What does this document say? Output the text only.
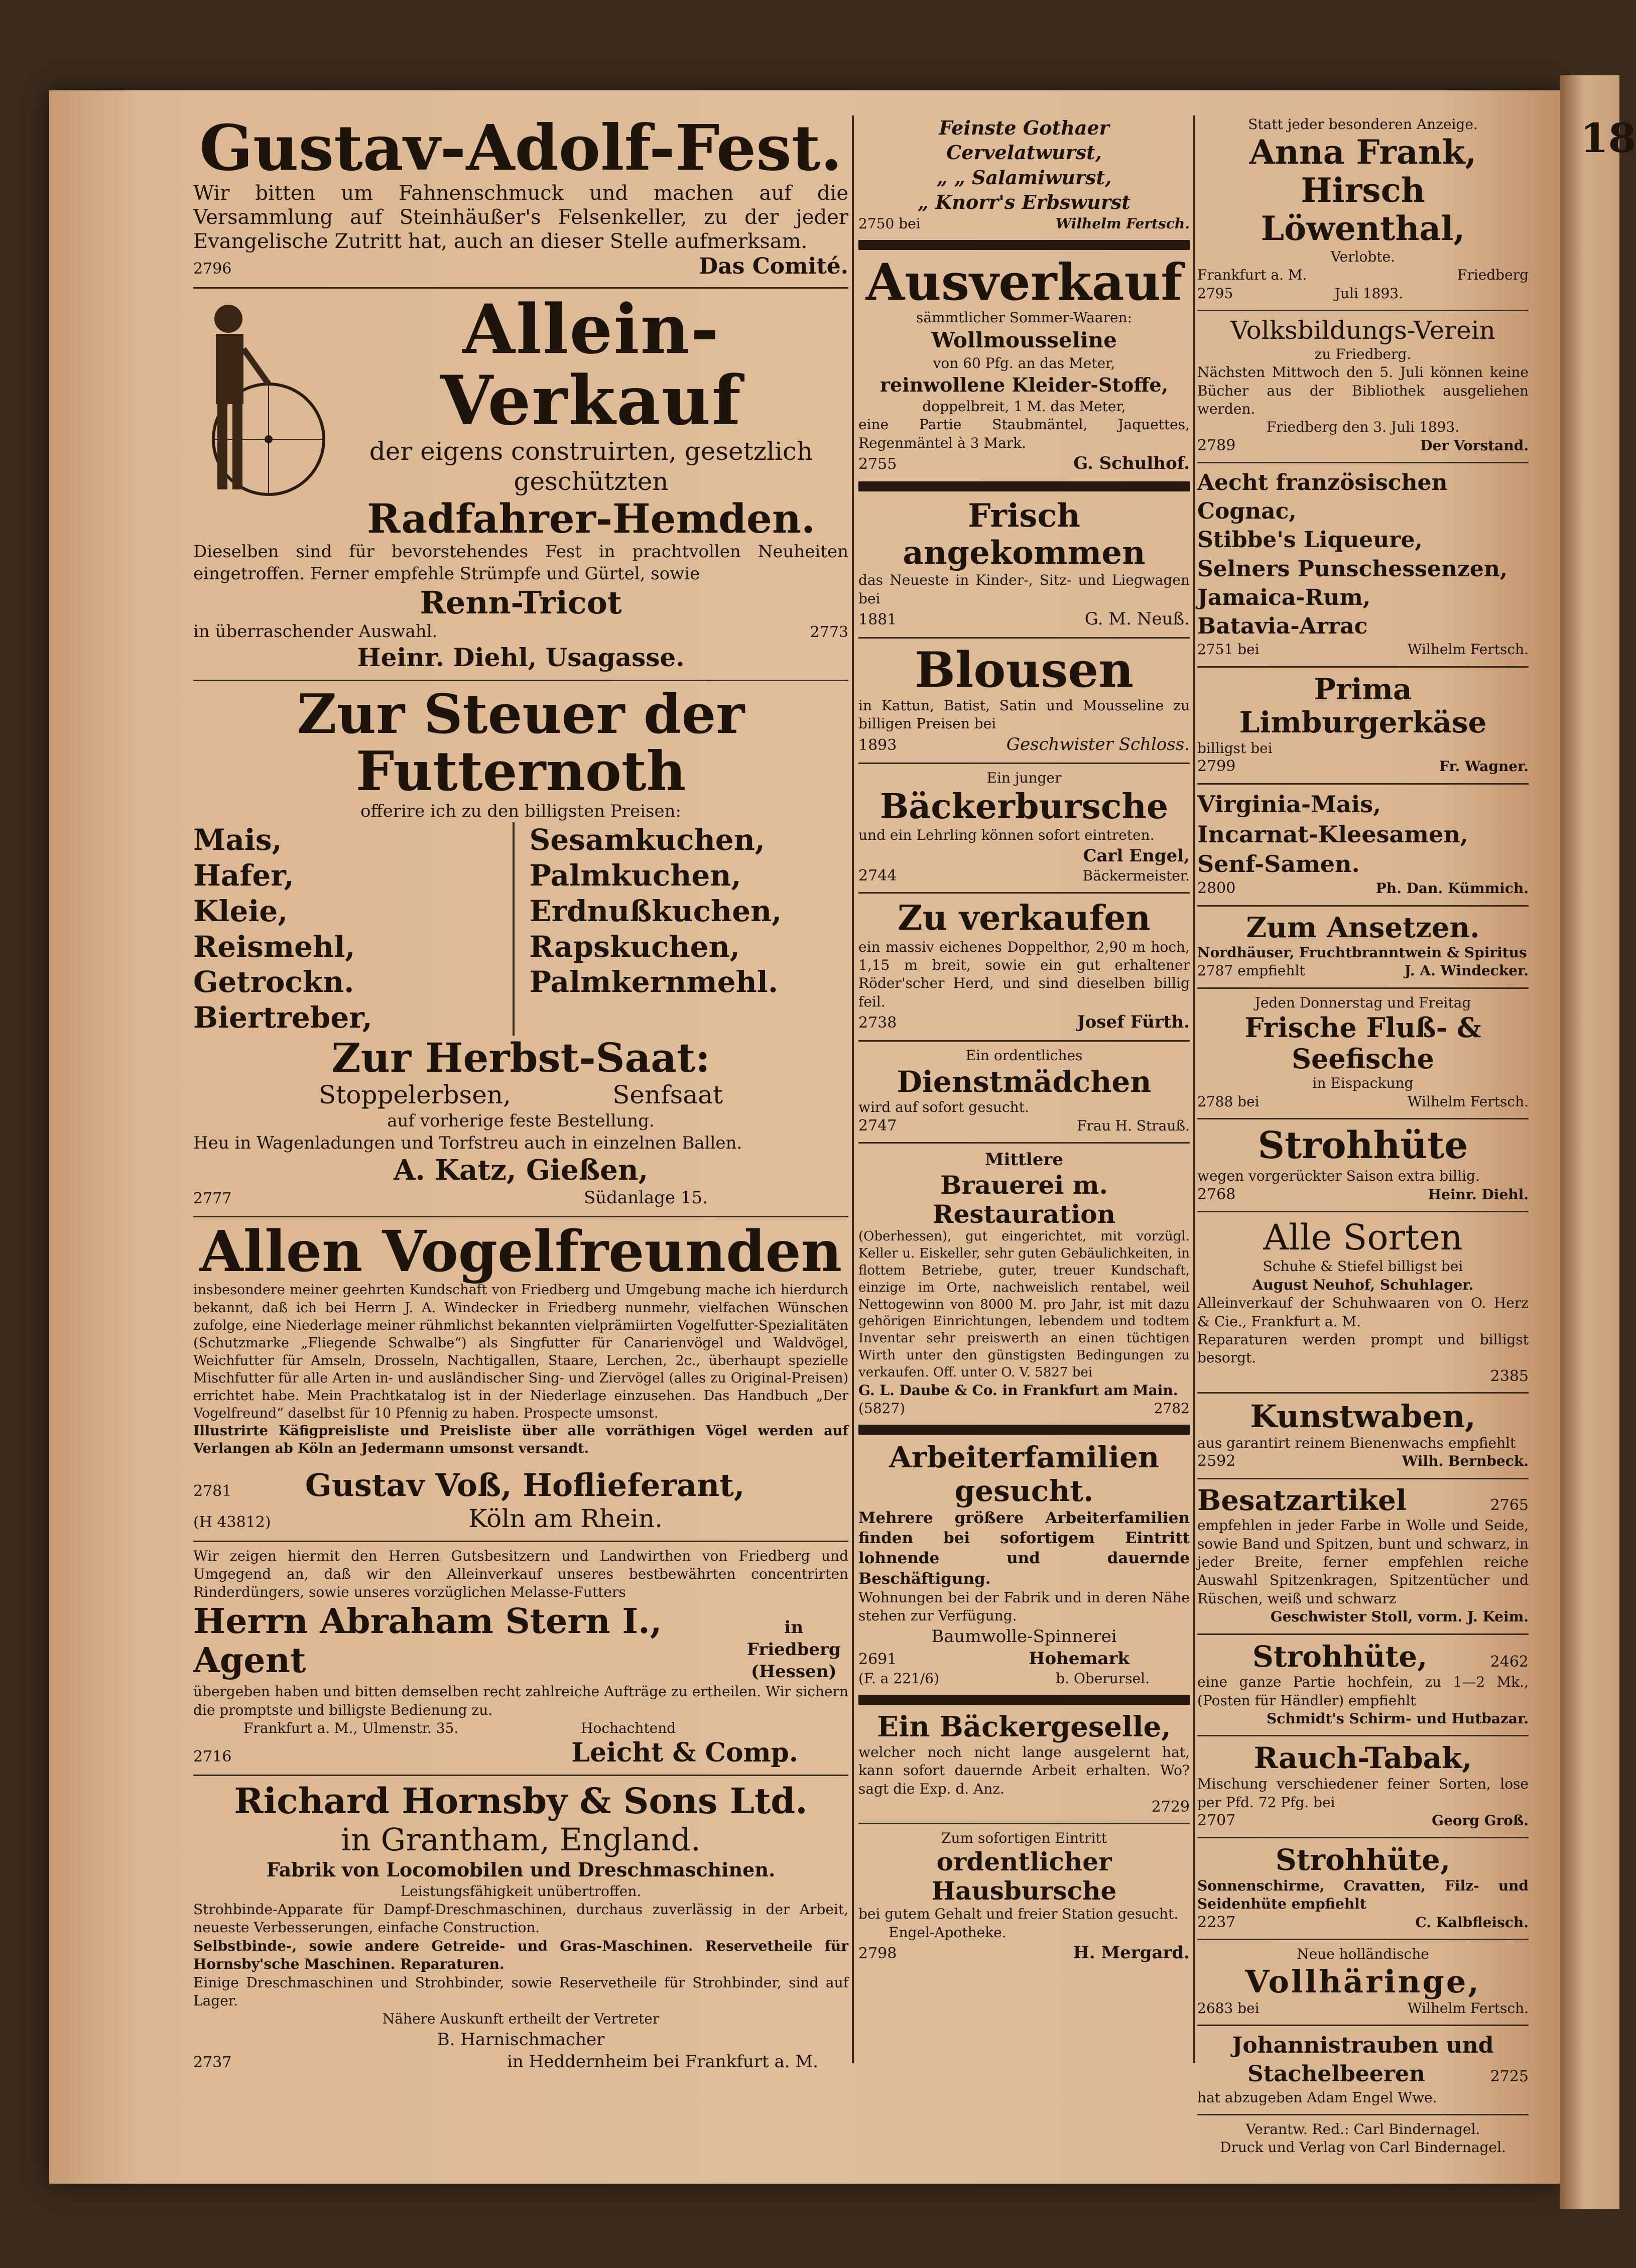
18
Gustav-Adolf-Fest.
Wir bitten um Fahnenschmuck und machen auf die Versammlung auf Steinhäußer's Felsenkeller, zu der jeder Evangelische Zutritt hat, auch an dieser Stelle aufmerksam.
2796	Das Comité.
Allein-Verkauf
der eigens construirten, gesetzlich
geschützten
Radfahrer-Hemden.
Dieselben sind für bevorstehendes Fest in prachtvollen Neuheiten eingetroffen. Ferner empfehle Strümpfe und Gürtel, sowie
Renn-Tricot
in überraschender Auswahl.	2773
Heinr. Diehl, Usagasse.
Zur Steuer der Futternoth
offerire ich zu den billigsten Preisen:
Mais,
Hafer,
Kleie,
Reismehl,
Getrockn. Biertreber,
Sesamkuchen,
Palmkuchen,
Erdnußkuchen,
Rapskuchen,
Palmkernmehl.
Zur Herbst-Saat:
Stoppelerbsen,	Senfsaat
auf vorherige feste Bestellung.
Heu in Wagenladungen und Torfstreu auch in einzelnen Ballen.
A. Katz, Gießen,
2777	Südanlage 15.
Allen Vogelfreunden
insbesondere meiner geehrten Kundschaft von Friedberg und Umgebung mache ich hierdurch bekannt, daß ich bei Herrn J. A. Windecker in Friedberg nunmehr, vielfachen Wünschen zufolge, eine Niederlage meiner rühmlichst bekannten vielprämiirten Vogelfutter-Spezialitäten (Schutzmarke „Fliegende Schwalbe“) als Singfutter für Canarienvögel und Waldvögel, Weichfutter für Amseln, Drosseln, Nachtigallen, Staare, Lerchen, 2c., überhaupt spezielle Mischfutter für alle Arten in- und ausländischer Sing- und Ziervögel (alles zu Original-Preisen) errichtet habe. Mein Prachtkatalog ist in der Niederlage einzusehen. Das Handbuch „Der Vogelfreund“ daselbst für 10 Pfennig zu haben. Prospecte umsonst.
Illustrirte Käfigpreisliste und Preisliste über alle vorräthigen Vögel werden auf Verlangen ab Köln an Jedermann umsonst versandt.
2781 Gustav Voß, Hoflieferant,
(H 43812)	Köln am Rhein.
Wir zeigen hiermit den Herren Gutsbesitzern und Landwirthen von Friedberg und Umgegend an, daß wir den Alleinverkauf unseres bestbewährten concentrirten Rinderdüngers, sowie unseres vorzüglichen Melasse-Futters
Herrn Abraham Stern I., Agent
in Friedberg
(Hessen)
übergeben haben und bitten demselben recht zahlreiche Aufträge zu ertheilen. Wir sichern die promptste und billigste Bedienung zu.
Frankfurt a. M., Ulmenstr. 35.	Hochachtend
2716	Leicht & Comp.
Richard Hornsby & Sons Ltd.
in Grantham, England.
Fabrik von Locomobilen und Dreschmaschinen.
Leistungsfähigkeit unübertroffen.
Strohbinde-Apparate für Dampf-Dreschmaschinen, durchaus zuverlässig in der Arbeit, neueste Verbesserungen, einfache Construction.
Selbstbinde-, sowie andere Getreide- und Gras-Maschinen. Reservetheile für Hornsby'sche Maschinen. Reparaturen.
Einige Dreschmaschinen und Strohbinder, sowie Reservetheile für Strohbinder, sind auf Lager.
Nähere Auskunft ertheilt der Vertreter
B. Harnischmacher
2737	in Heddernheim bei Frankfurt a. M.
Feinste Gothaer Cervelatwurst,
„ „ Salamiwurst,
„ Knorr's Erbswurst
2750 bei	Wilhelm Fertsch.
Ausverkauf
sämmtlicher Sommer-Waaren:
Wollmousseline
von 60 Pfg. an das Meter,
reinwollene Kleider-Stoffe,
doppelbreit, 1 M. das Meter,
eine Partie Staubmäntel, Jaquettes, Regenmäntel à 3 Mark.
2755	G. Schulhof.
Frisch angekommen
das Neueste in Kinder-, Sitz- und Liegwagen bei
1881	G. M. Neuß.
Blousen
in Kattun, Batist, Satin und Mousseline zu billigen Preisen bei
1893	Geschwister Schloss.
Ein junger
Bäckerbursche
und ein Lehrling können sofort eintreten.
Carl Engel,
2744	Bäckermeister.
Zu verkaufen
ein massiv eichenes Doppelthor, 2,90 m hoch, 1,15 m breit, sowie ein gut erhaltener Röder'scher Herd, und sind dieselben billig feil.
2738	Josef Fürth.
Ein ordentliches
Dienstmädchen
wird auf sofort gesucht.
2747	Frau H. Strauß.
Mittlere
Brauerei m. Restauration
(Oberhessen), gut eingerichtet, mit vorzügl. Keller u. Eiskeller, sehr guten Gebäulichkeiten, in flottem Betriebe, guter, treuer Kundschaft, einzige im Orte, nachweislich rentabel, weil Nettogewinn von 8000 M. pro Jahr, ist mit dazu gehörigen Einrichtungen, lebendem und todtem Inventar sehr preiswerth an einen tüchtigen Wirth unter den günstigsten Bedingungen zu verkaufen. Off. unter O. V. 5827 bei
G. L. Daube & Co. in Frankfurt am Main.
(5827)	2782
Arbeiterfamilien gesucht.
Mehrere größere Arbeiterfamilien finden bei sofortigem Eintritt lohnende und dauernde Beschäftigung.
Wohnungen bei der Fabrik und in deren Nähe stehen zur Verfügung.
Baumwolle-Spinnerei
2691	Hohemark
(F. a 221/6)	b. Oberursel.
Ein Bäckergeselle,
welcher noch nicht lange ausgelernt hat, kann sofort dauernde Arbeit erhalten. Wo? sagt die Exp. d. Anz.
2729
Zum sofortigen Eintritt
ordentlicher Hausbursche
bei gutem Gehalt und freier Station gesucht.
Engel-Apotheke.
2798	H. Mergard.
Statt jeder besonderen Anzeige.
Anna Frank,
Hirsch Löwenthal,
Verlobte.
Frankfurt a. M.	Friedberg
2795	Juli 1893.
Volksbildungs-Verein
zu Friedberg.
Nächsten Mittwoch den 5. Juli können keine Bücher aus der Bibliothek ausgeliehen werden.
Friedberg den 3. Juli 1893.
2789	Der Vorstand.
Aecht französischen Cognac,
Stibbe's Liqueure,
Selners Punschessenzen,
Jamaica-Rum,
Batavia-Arrac
2751 bei	Wilhelm Fertsch.
Prima Limburgerkäse
billigst bei
2799	Fr. Wagner.
Virginia-Mais,
Incarnat-Kleesamen,
Senf-Samen.
2800	Ph. Dan. Kümmich.
Zum Ansetzen.
Nordhäuser, Fruchtbranntwein & Spiritus
2787 empfiehlt	J. A. Windecker.
Jeden Donnerstag und Freitag
Frische Fluß- & Seefische
in Eispackung
2788 bei	Wilhelm Fertsch.
Strohhüte
wegen vorgerückter Saison extra billig.
2768	Heinr. Diehl.
Alle Sorten
Schuhe & Stiefel billigst bei
August Neuhof, Schuhlager.
Alleinverkauf der Schuhwaaren von O. Herz & Cie., Frankfurt a. M.
Reparaturen werden prompt und billigst besorgt.
2385
Kunstwaben,
aus garantirt reinem Bienenwachs empfiehlt
2592	Wilh. Bernbeck.
Besatzartikel	2765
empfehlen in jeder Farbe in Wolle und Seide, sowie Band und Spitzen, bunt und schwarz, in jeder Breite, ferner empfehlen reiche Auswahl Spitzenkragen, Spitzentücher und Rüschen, weiß und schwarz
Geschwister Stoll, vorm. J. Keim.
Strohhüte,	2462
eine ganze Partie hochfein, zu 1—2 Mk., (Posten für Händler) empfiehlt
Schmidt's Schirm- und Hutbazar.
Rauch-Tabak,
Mischung verschiedener feiner Sorten, lose per Pfd. 72 Pfg. bei
2707	Georg Groß.
Strohhüte,
Sonnenschirme, Cravatten, Filz- und Seidenhüte empfiehlt
2237	C. Kalbfleisch.
Neue holländische
Vollhäringe,
2683 bei	Wilhelm Fertsch.
Johannistrauben und
Stachelbeeren	2725
hat abzugeben Adam Engel Wwe.
Verantw. Red.: Carl Bindernagel.
Druck und Verlag von Carl Bindernagel.
